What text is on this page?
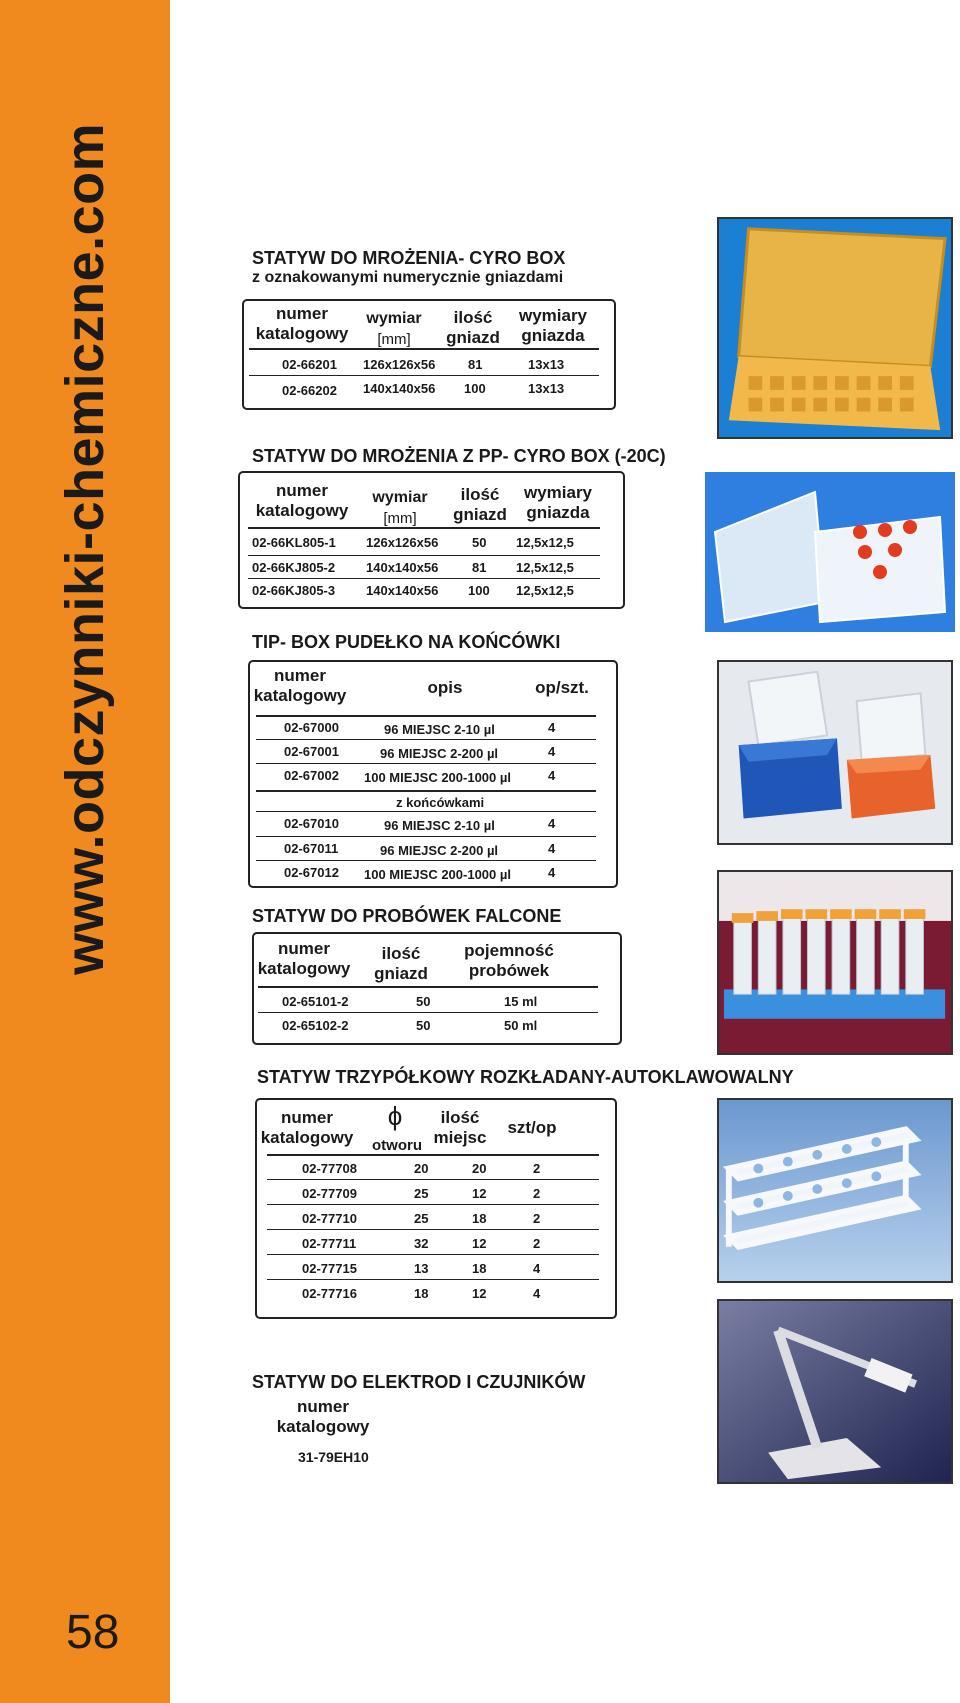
www.odczynniki-chemiczne.com
58
STATYW DO MROŻENIA- CYRO BOX
z oznakowanymi numerycznie gniazdami
numer
katalogowy
wymiar
[mm]
ilość
gniazd
wymiary
gniazda
02-66201 126x126x56	81	13x13
02-66202 140x140x56 100	13x13
STATYW DO MROŻENIA Z PP- CYRO BOX (-20C)
numer
katalogowy
wymiar
[mm]
ilość
gniazd
wymiary
gniazda
02-66KL805-1 126x126x56	50 12,5x12,5
02-66KJ805-2 140x140x56	81 12,5x12,5
02-66KJ805-3 140x140x56 100 12,5x12,5
TIP- BOX PUDEŁKO NA KOŃCÓWKI
numer
katalogowy	opis	op/szt.
02-67000	96 MIEJSC 2-10 µl	4
02-67001	96 MIEJSC 2-200 µl	4
02-67002 100 MIEJSC 200-1000 µl	4
z końcówkami
02-67010	96 MIEJSC 2-10 µl	4
02-67011	96 MIEJSC 2-200 µl	4
02-67012 100 MIEJSC 200-1000 µl	4
STATYW DO PROBÓWEK FALCONE
numer
katalogowy
ilość
gniazd
pojemność
probówek
02-65101-2	50	15 ml
02-65102-2	50	50 ml
STATYW TRZYPÓŁKOWY ROZKŁADANY-AUTOKLAWOWALNY
numer
katalogowy
ϕ
otworu
ilość
miejsc
szt/op
02-77708	20	20	2
02-77709	25	12	2
02-77710	25	18	2
02-77711	32	12	2
02-77715	13	18	4
02-77716	18	12	4
STATYW DO ELEKTROD I CZUJNIKÓW
numer
katalogowy
31-79EH10
